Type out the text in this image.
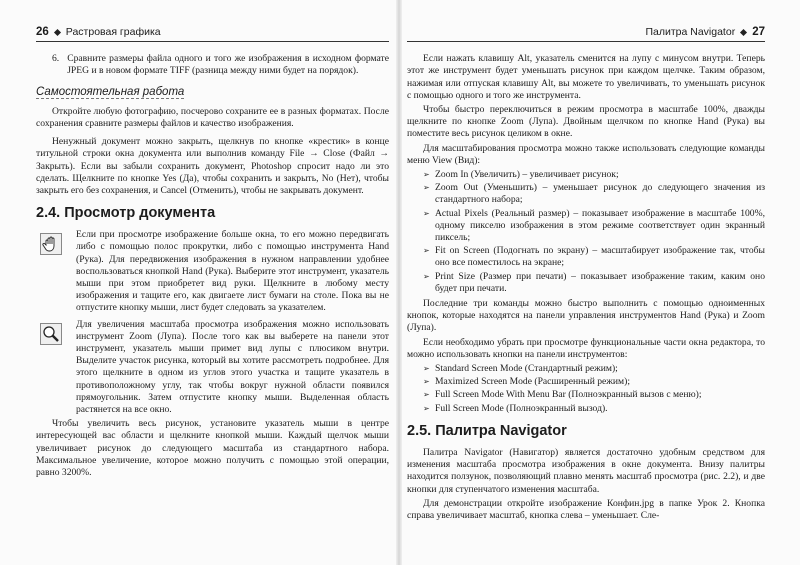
26 Растровая графика
6. Сравните размеры файла одного и того же изображения в исходном формате JPEG и в новом формате TIFF (разница между ними будет на порядок).
Самостоятельная работа

Откройте любую фотографию, посчерово сохраните ее в разных форматах. После сохранения сравните размеры файлов и качество изображения.

Ненужный документ можно закрыть, щелкнув по кнопке «крестик» в конце титульной строки окна документа или выполнив команду File → Close (Файл → Закрыть). Если вы забыли сохранить документ, Photoshop спросит надо ли это сделать. Щелкните по кнопке Yes (Да), чтобы сохранить и закрыть, No (Нет), чтобы закрыть его без сохранения, и Cancel (Отменить), чтобы не закрывать документ.

2.4. Просмотр документа

Если при просмотре изображение больше окна, то его можно передвигать либо с помощью полос прокрутки, либо с помощью инструмента Hand (Рука). Для передвижения изображения в нужном направлении удобнее воспользоваться кнопкой Hand (Рука). Выберите этот инструмент, указатель мыши при этом приобретет вид руки. Щелкните в любому месту изображения и тащите его, как двигаете лист бумаги на столе. Пока вы не отпустите кнопку мыши, лист будет следовать за указателем.

Для увеличения масштаба просмотра изображения можно использовать инструмент Zoom (Лупа). После того как вы выберете на панели этот инструмент, указатель мыши примет вид лупы с плюсиком внутри. Выделите участок рисунка, который вы хотите рассмотреть подробнее. Для этого щелкните в одном из углов этого участка и тащите указатель в противоположному углу, так чтобы вокруг нужной области появился прямоугольник. Затем отпустите кнопку мыши. Выделенная область растянется на все окно.

Чтобы увеличить весь рисунок, установите указатель мыши в центре интересующей вас области и щелкните кнопкой мыши. Каждый щелчок мыши увеличивает рисунок до следующего масштаба из стандартного набора. Максимальное увеличение, которое можно получить с помощью этой операции, равно 3200%.

Палитра Navigator 27

Если нажать клавишу Alt, указатель сменится на лупу с минусом внутри. Теперь этот же инструмент будет уменьшать рисунок при каждом щелчке. Таким образом, нажимая или отпуская клавишу Alt, вы можете то увеличивать, то уменьшать рисунок с помощью одного и того же инструмента.

Чтобы быстро переключиться в режим просмотра в масштабе 100%, дважды щелкните по кнопке Zoom (Лупа). Двойным щелчком по кнопке Hand (Рука) вы поместите весь рисунок целиком в окне.

Для масштабирования просмотра можно также использовать следующие команды меню View (Вид):

➢ Zoom In (Увеличить) – увеличивает рисунок;
➢ Zoom Out (Уменьшить) – уменьшает рисунок до следующего значения из стандартного набора;
➢ Actual Pixels (Реальный размер) – показывает изображение в масштабе 100%, одному пикселю изображения в этом режиме соответствует один экранный пиксель;
➢ Fit on Screen (Подогнать по экрану) – масштабирует изображение так, чтобы оно все поместилось на экране;
➢ Print Size (Размер при печати) – показывает изображение таким, каким оно будет при печати.

Последние три команды можно быстро выполнить с помощью одноименных кнопок, которые находятся на панели управления инструментов Hand (Рука) и Zoom (Лупа).

Если необходимо убрать при просмотре функциональные части окна редактора, то можно использовать кнопки на панели инструментов:

➢ Standard Screen Mode (Стандартный режим);
➢ Maximized Screen Mode (Расширенный режим);
➢ Full Screen Mode With Menu Bar (Полноэкранный вызов с меню);
➢ Full Screen Mode (Полноэкранный вызод).
2.5. Палитра Navigator

Палитра Navigator (Навигатор) является достаточно удобным средством для изменения масштаба просмотра изображения в окне документа. Внизу палитры находится ползунок, позволяющий плавно менять масштаб просмотра (рис. 2.2), и две кнопки для ступенчатого изменения масштаба.

Для демонстрации откройте изображение Конфин.jpg в папке Урок 2. Кнопка справа увеличивает масштаб, кнопка слева – уменьшает. Сле-
